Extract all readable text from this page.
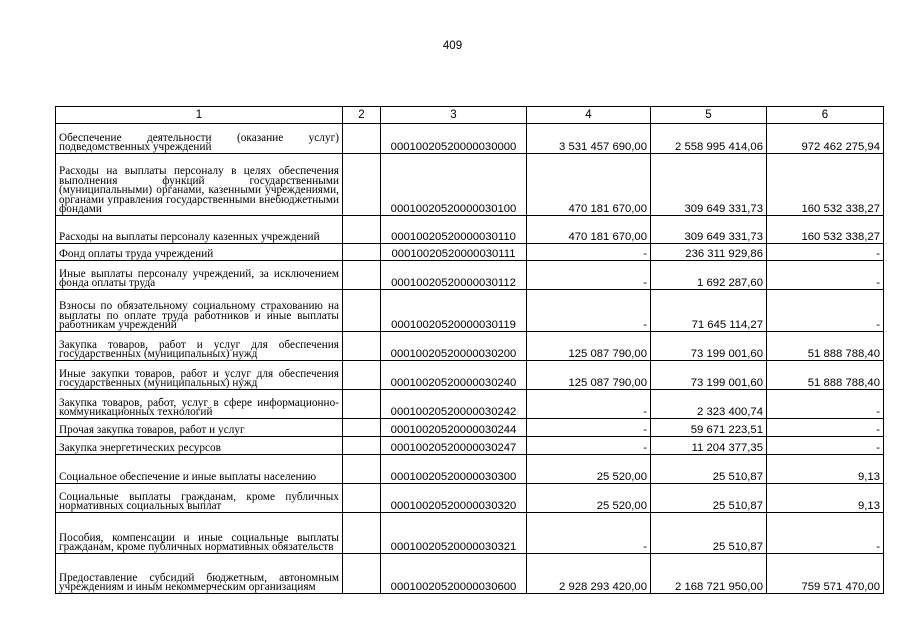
409
1	2	3	4	5	6
Обеспечение деятельности (оказание услуг) подведомственных учреждений		00010020520000030000	3 531 457 690,00	2 558 995 414,06	972 462 275,94
Расходы на выплаты персоналу в целях обеспечения выполнения функций государственными (муниципальными) органами, казенными учреждениями, органами управления государственными внебюджетными фондами		00010020520000030100	470 181 670,00	309 649 331,73	160 532 338,27
Расходы на выплаты персоналу казенных учреждений		00010020520000030110	470 181 670,00	309 649 331,73	160 532 338,27
Фонд оплаты труда учреждений		00010020520000030111	-	236 311 929,86	-
Иные выплаты персоналу учреждений, за исключением фонда оплаты труда		00010020520000030112	-	1 692 287,60	-
Взносы по обязательному социальному страхованию на выплаты по оплате труда работников и иные выплаты работникам учреждений		00010020520000030119	-	71 645 114,27	-
Закупка товаров, работ и услуг для обеспечения государственных (муниципальных) нужд		00010020520000030200	125 087 790,00	73 199 001,60	51 888 788,40
Иные закупки товаров, работ и услуг для обеспечения государственных (муниципальных) нужд		00010020520000030240	125 087 790,00	73 199 001,60	51 888 788,40
Закупка товаров, работ, услуг в сфере информационно-коммуникационных технологий		00010020520000030242	-	2 323 400,74	-
Прочая закупка товаров, работ и услуг		00010020520000030244	-	59 671 223,51	-
Закупка энергетических ресурсов		00010020520000030247	-	11 204 377,35	-
Социальное обеспечение и иные выплаты населению		00010020520000030300	25 520,00	25 510,87	9,13
Социальные выплаты гражданам, кроме публичных нормативных социальных выплат		00010020520000030320	25 520,00	25 510,87	9,13
Пособия, компенсации и иные социальные выплаты гражданам, кроме публичных нормативных обязательств		00010020520000030321	-	25 510,87	-
Предоставление субсидий бюджетным, автономным учреждениям и иным некоммерческим организациям		00010020520000030600	2 928 293 420,00	2 168 721 950,00	759 571 470,00
